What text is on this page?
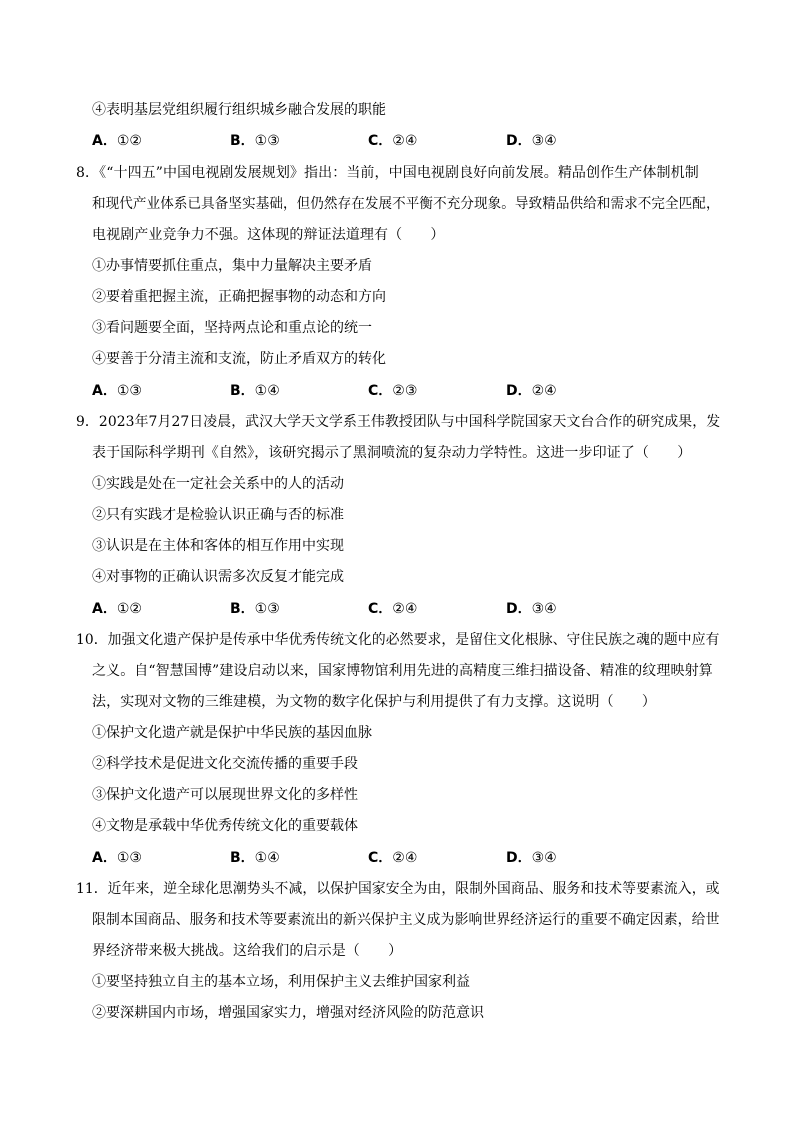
④表明基层党组织履行组织城乡融合发展的职能
A．①②	B．①③	C．②④	D．③④
8．《“十四五”中国电视剧发展规划》指出：当前，中国电视剧良好向前发展。精品创作生产体制机制
和现代产业体系已具备坚实基础，但仍然存在发展不平衡不充分现象。导致精品供给和需求不完全匹配，
电视剧产业竞争力不强。这体现的辩证法道理有（　　）
①办事情要抓住重点，集中力量解决主要矛盾
②要着重把握主流，正确把握事物的动态和方向
③看问题要全面，坚持两点论和重点论的统一
④要善于分清主流和支流，防止矛盾双方的转化
A．①③	B．①④	C．②③	D．②④
9．2023年7月27日凌晨，武汉大学天文学系王伟教授团队与中国科学院国家天文台合作的研究成果，发
表于国际科学期刊《自然》，该研究揭示了黑洞喷流的复杂动力学特性。这进一步印证了（　　）
①实践是处在一定社会关系中的人的活动
②只有实践才是检验认识正确与否的标准
③认识是在主体和客体的相互作用中实现
④对事物的正确认识需多次反复才能完成
A．①②	B．①③	C．②④	D．③④
10．加强文化遗产保护是传承中华优秀传统文化的必然要求，是留住文化根脉、守住民族之魂的题中应有
之义。自“智慧国博”建设启动以来，国家博物馆利用先进的高精度三维扫描设备、精准的纹理映射算
法，实现对文物的三维建模，为文物的数字化保护与利用提供了有力支撑。这说明（　　）
①保护文化遗产就是保护中华民族的基因血脉
②科学技术是促进文化交流传播的重要手段
③保护文化遗产可以展现世界文化的多样性
④文物是承载中华优秀传统文化的重要载体
A．①③	B．①④	C．②④	D．③④
11．近年来，逆全球化思潮势头不减，以保护国家安全为由，限制外国商品、服务和技术等要素流入，或
限制本国商品、服务和技术等要素流出的新兴保护主义成为影响世界经济运行的重要不确定因素，给世
界经济带来极大挑战。这给我们的启示是（　　）
①要坚持独立自主的基本立场，利用保护主义去维护国家利益
②要深耕国内市场，增强国家实力，增强对经济风险的防范意识
